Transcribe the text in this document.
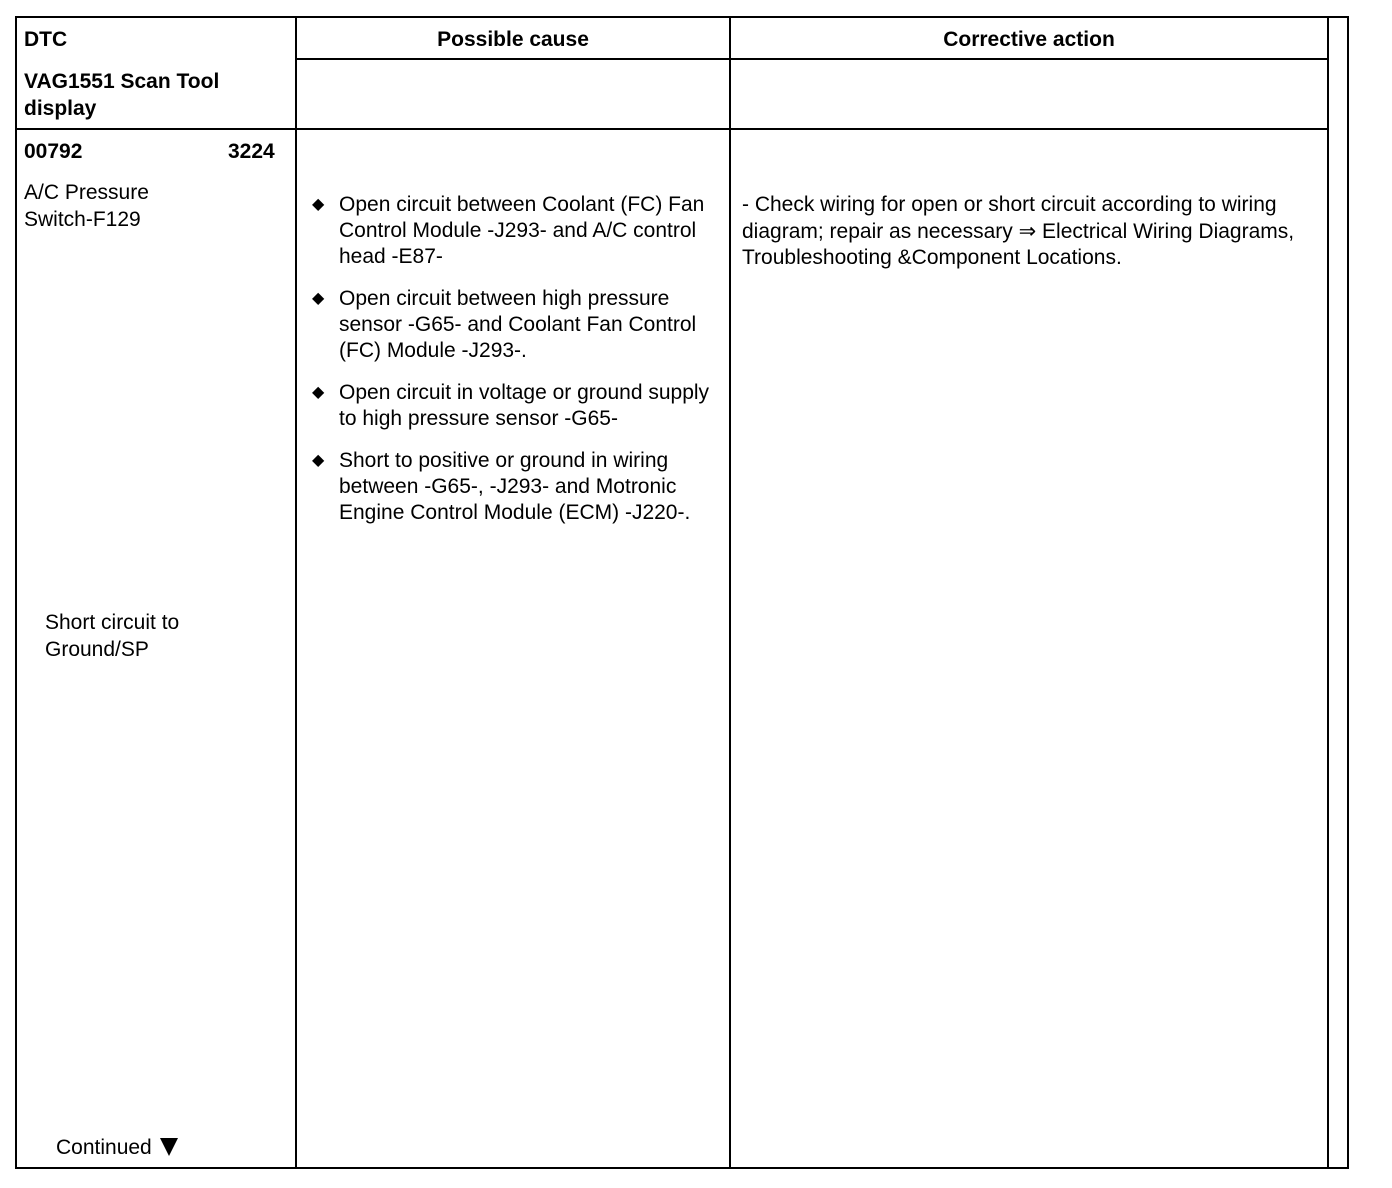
DTC
VAG1551 Scan Tool display
Possible cause	Corrective action
00792	3224
A/C Pressure Switch-F129
Short circuit to Ground/SP
◆ Open circuit between Coolant (FC) Fan Control Module -J293- and A/C control head -E87-
◆ Open circuit between high pressure sensor -G65- and Coolant Fan Control (FC) Module -J293-.
◆ Open circuit in voltage or ground supply to high pressure sensor -G65-
◆ Short to positive or ground in wiring between -G65-, -J293- and Motronic Engine Control Module (ECM) -J220-.
- Check wiring for open or short circuit according to wiring diagram; repair as necessary ⇒ Electrical Wiring Diagrams, Troubleshooting &Component Locations.
Continued
